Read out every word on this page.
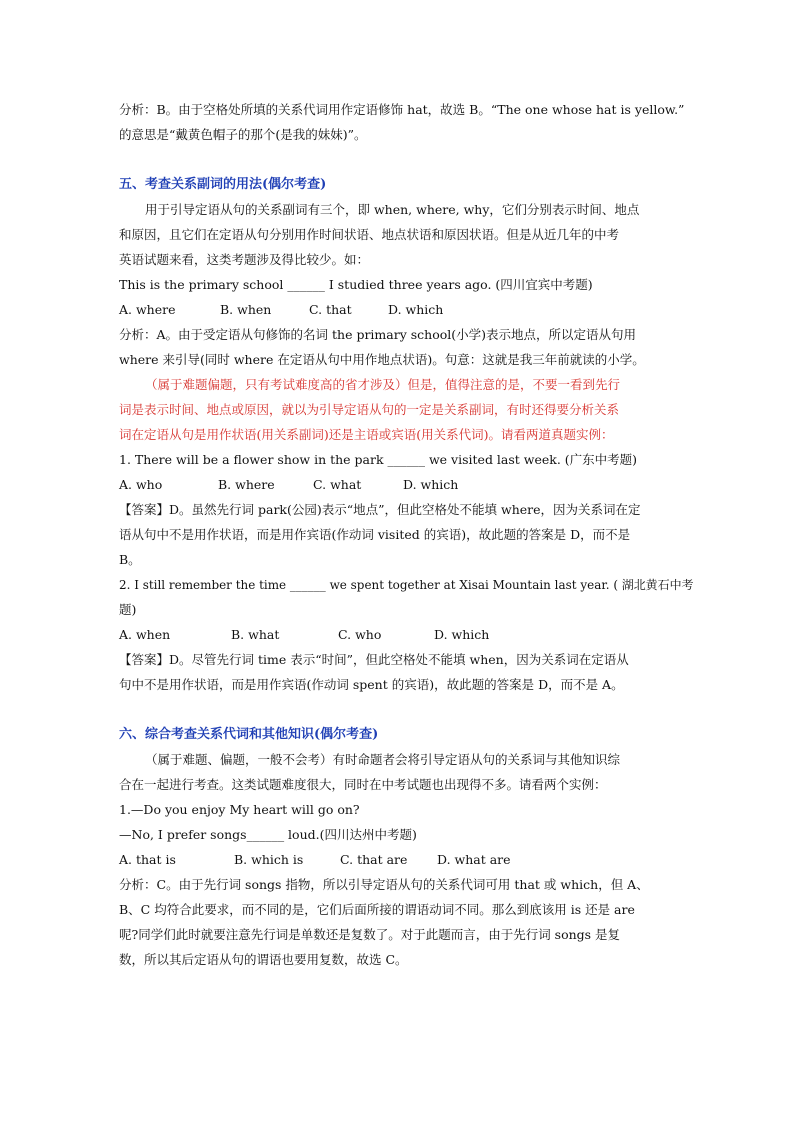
分析：B。由于空格处所填的关系代词用作定语修饰 hat，故选 B。“The one whose hat is yellow.”
的意思是“戴黄色帽子的那个(是我的妹妹)”。
五、考查关系副词的用法(偶尔考查)
用于引导定语从句的关系副词有三个，即 when, where, why，它们分别表示时间、地点
和原因，且它们在定语从句分别用作时间状语、地点状语和原因状语。但是从近几年的中考
英语试题来看，这类考题涉及得比较少。如：
This is the primary school ______ I studied three years ago. (四川宜宾中考题)
A. where	B. when	C. that	D. which
分析：A。由于受定语从句修饰的名词 the primary school(小学)表示地点，所以定语从句用
where 来引导(同时 where 在定语从句中用作地点状语)。句意：这就是我三年前就读的小学。
（属于难题偏题，只有考试难度高的省才涉及）但是，值得注意的是，不要一看到先行
词是表示时间、地点或原因，就以为引导定语从句的一定是关系副词，有时还得要分析关系
词在定语从句是用作状语(用关系副词)还是主语或宾语(用关系代词)。请看两道真题实例：
1. There will be a flower show in the park ______ we visited last week. (广东中考题)
A. who	B. where	C. what	D. which
【答案】D。虽然先行词 park(公园)表示“地点”，但此空格处不能填 where，因为关系词在定
语从句中不是用作状语，而是用作宾语(作动词 visited 的宾语)，故此题的答案是 D，而不是
B。
2. I still remember the time ______ we spent together at Xisai Mountain last year. ( 湖北黄石中考
题)
A. when	B. what	C. who	D. which
【答案】D。尽管先行词 time 表示“时间”，但此空格处不能填 when，因为关系词在定语从
句中不是用作状语，而是用作宾语(作动词 spent 的宾语)，故此题的答案是 D，而不是 A。
六、综合考查关系代词和其他知识(偶尔考查)
（属于难题、偏题，一般不会考）有时命题者会将引导定语从句的关系词与其他知识综
合在一起进行考查。这类试题难度很大，同时在中考试题也出现得不多。请看两个实例：
1.—Do you enjoy My heart will go on?
—No, I prefer songs______ loud.(四川达州中考题)
A. that is	B. which is	C. that are D. what are
分析：C。由于先行词 songs 指物，所以引导定语从句的关系代词可用 that 或 which，但 A、
B、C 均符合此要求，而不同的是，它们后面所接的谓语动词不同。那么到底该用 is 还是 are
呢?同学们此时就要注意先行词是单数还是复数了。对于此题而言，由于先行词 songs 是复
数，所以其后定语从句的谓语也要用复数，故选 C。
